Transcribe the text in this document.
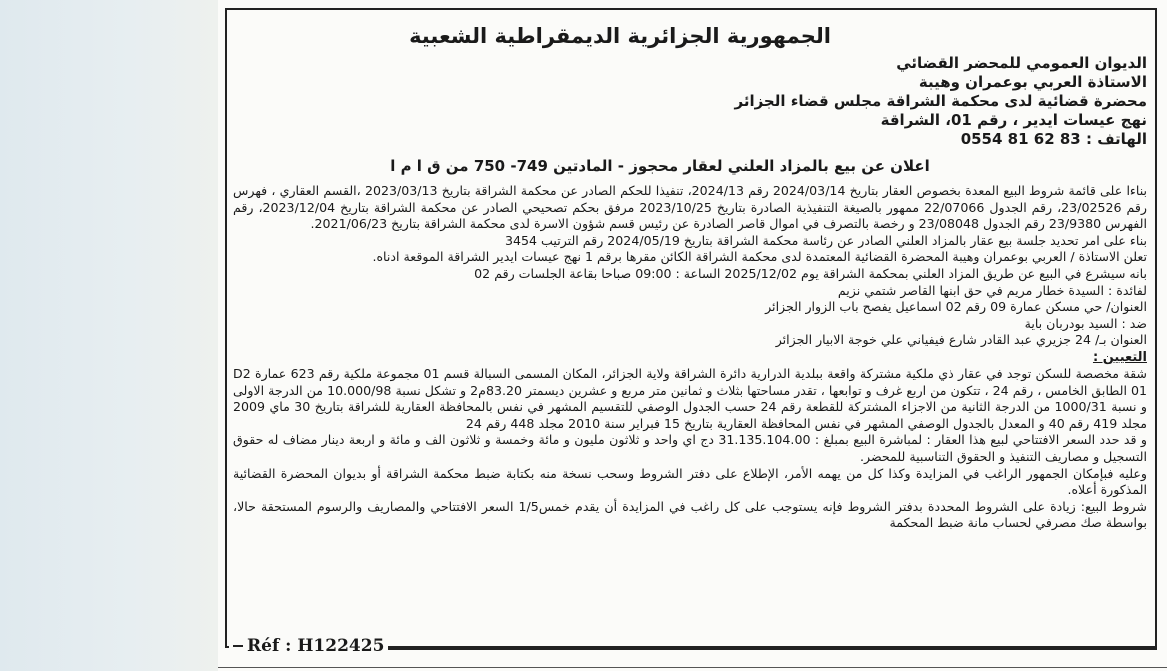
الجمهورية الجزائرية الديمقراطية الشعبية
الديوان العمومي للمحضر القضائي
الاستاذة العربي بوعمران وهيبة
محضرة قضائية لدى محكمة الشراقة مجلس قضاء الجزائر
نهج عيسات ايدير ، رقم 01، الشراقة
الهاتف : 0554 81 62 83
اعلان عن بيع بالمزاد العلني لعقار محجوز - المادتين 749- 750 من ق ا م ا

بناءا على قائمة شروط البيع المعدة بخصوص العقار بتاريخ 2024/03/14 رقم 2024/13، تنفيذا للحكم الصادر عن محكمة الشراقة بتاريخ 2023/03/13 ،القسم العقاري ، فهرس رقم 23/02526، رقم الجدول 22/07066 ممهور بالصيغة التنفيذية الصادرة بتاريخ 2023/10/25 مرفق بحكم تصحيحي الصادر عن محكمة الشراقة بتاريخ 2023/12/04، رقم الفهرس 23/9380 رقم الجدول 23/08048 و رخصة بالتصرف في اموال قاصر الصادرة عن رئيس قسم شؤون الاسرة لدى محكمة الشراقة بتاريخ 2021/06/23.

بناء على امر تحديد جلسة بيع عقار بالمزاد العلني الصادر عن رئاسة محكمة الشراقة بتاريخ 2024/05/19 رقم الترتيب 3454

تعلن الاستاذة / العربي بوعمران وهيبة المحضرة القضائية المعتمدة لدى محكمة الشراقة الكائن مقرها برقم 1 نهج عيسات ايدير الشراقة الموقعة ادناه.

بانه سيشرع في البيع عن طريق المزاد العلني بمحكمة الشراقة يوم 2025/12/02 الساعة : 09:00 صباحا بقاعة الجلسات رقم 02

لفائدة : السيدة خطار مريم في حق ابنها القاصر شتمي نزيم

العنوان/ حي مسكن عمارة 09 رقم 02 اسماعيل يفصح باب الزوار الجزائر

ضد : السيد بودربان باية

العنوان بـ/ 24 جزيري عبد القادر شارع فيفياني علي خوجة الابيار الجزائر

التعيين :

شقة مخصصة للسكن توجد في عقار ذي ملكية مشتركة واقعة ببلدية الدرارية دائرة الشراقة ولاية الجزائر، المكان المسمى السبالة قسم 01 مجموعة ملكية رقم 623 عمارة D2 01 الطابق الخامس ، رقم 24 ، تتكون من اربع غرف و توابعها ، تقدر مساحتها بثلاث و ثمانين متر مربع و عشرين ديسمتر 83.20م2 و تشكل نسبة 10.000/98 من الدرجة الاولى و نسبة 1000/31 من الدرجة الثانية من الاجزاء المشتركة للقطعة رقم 24 حسب الجدول الوصفي للتقسيم المشهر في نفس بالمحافظة العقارية للشراقة بتاريخ 30 ماي 2009 مجلد 419 رقم 40 و المعدل بالجدول الوصفي المشهر في نفس المحافظة العقارية بتاريخ 15 فبراير سنة 2010 مجلد 448 رقم 24

و قد حدد السعر الافتتاحي لبيع هذا العقار : لمباشرة البيع بمبلغ : 31.135.104.00 دج اي واحد و ثلاثون مليون و مائة وخمسة و ثلاثون الف و مائة و اربعة دينار مضاف له حقوق التسجيل و مصاريف التنفيذ و الحقوق التناسبية للمحضر.

وعليه فبإمكان الجمهور الراغب في المزايدة وكذا كل من يهمه الأمر، الإطلاع على دفتر الشروط وسحب نسخة منه بكتابة ضبط محكمة الشراقة أو بديوان المحضرة القضائية المذكورة أعلاه.

شروط البيع: زيادة على الشروط المحددة بدفتر الشروط فإنه يستوجب على كل راغب في المزايدة أن يقدم خمس1/5 السعر الافتتاحي والمصاريف والرسوم المستحقة حالا، بواسطة صك مصرفي لحساب مانة ضبط المحكمة

Réf : H122425
